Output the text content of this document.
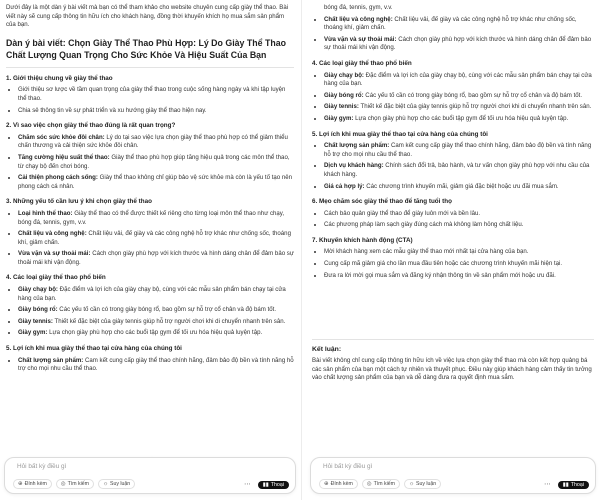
Dưới đây là một dàn ý bài viết mà bạn có thể tham khảo cho website chuyên cung cấp giày thể thao. Bài viết này sẽ cung cấp thông tin hữu ích cho khách hàng, đồng thời khuyến khích họ mua sắm sản phẩm của bạn.

Dàn ý bài viết: Chọn Giày Thể Thao Phù Hợp: Lý Do Giày Thể Thao Chất Lượng Quan Trọng Cho Sức Khỏe Và Hiệu Suất Của Bạn
1. Giới thiệu chung về giày thể thao
• Giới thiệu sơ lược về tầm quan trọng của giày thể thao trong cuộc sống hàng ngày và khi tập luyện thể thao.
• Chia sẻ thông tin về sự phát triển và xu hướng giày thể thao hiện nay.
2. Vì sao việc chọn giày thể thao đúng là rất quan trọng?
• Chăm sóc sức khỏe đôi chân: Lý do tại sao việc lựa chọn giày thể thao phù hợp có thể giảm thiểu chấn thương và cải thiện sức khỏe đôi chân.
• Tăng cường hiệu suất thể thao: Giày thể thao phù hợp giúp tăng hiệu quả trong các môn thể thao, từ chạy bộ đến chơi bóng.
• Cải thiện phong cách sống: Giày thể thao không chỉ giúp bảo vệ sức khỏe mà còn là yếu tố tạo nên phong cách cá nhân.
3. Những yếu tố cần lưu ý khi chọn giày thể thao
• Loại hình thể thao: Giày thể thao có thể được thiết kế riêng cho từng loại môn thể thao như chạy, bóng đá, tennis, gym, v.v.
• Chất liệu và công nghệ: Chất liệu vải, đế giày và các công nghệ hỗ trợ khác như chống sốc, thoáng khí, giảm chấn.
• Vừa vặn và sự thoải mái: Cách chọn giày phù hợp với kích thước và hình dáng chân để đảm bảo sự thoải mái khi vận động.
4. Các loại giày thể thao phổ biến
• Giày chạy bộ: Đặc điểm và lợi ích của giày chạy bộ, cùng với các mẫu sản phẩm bán chạy tại cửa hàng của bạn.
• Giày bóng rổ: Các yếu tố cần có trong giày bóng rổ, bao gồm sự hỗ trợ cổ chân và độ bám tốt.
• Giày tennis: Thiết kế đặc biệt của giày tennis giúp hỗ trợ người chơi khi di chuyển nhanh trên sân.
• Giày gym: Lựa chọn giày phù hợp cho các buổi tập gym để tối ưu hóa hiệu quả luyện tập.
5. Lợi ích khi mua giày thể thao tại cửa hàng của chúng tôi
• Chất lượng sản phẩm: Cam kết cung cấp giày thể thao chính hãng, đảm bảo độ bền và tính năng hỗ trợ cho mọi nhu cầu thể thao.
Hỏi bất kỳ điều gì
⊕ Đính kèm	◎ Tìm kiếm	☼ Suy luận	⋯ ▮▮ Thoại
bóng đá, tennis, gym, v.v.
• Chất liệu và công nghệ: Chất liệu vải, đế giày và các công nghệ hỗ trợ khác như chống sốc, thoáng khí, giảm chấn.
• Vừa vặn và sự thoải mái: Cách chọn giày phù hợp với kích thước và hình dáng chân để đảm bảo sự thoải mái khi vận động.
4. Các loại giày thể thao phổ biến
• Giày chạy bộ: Đặc điểm và lợi ích của giày chạy bộ, cùng với các mẫu sản phẩm bán chạy tại cửa hàng của bạn.
• Giày bóng rổ: Các yếu tố cần có trong giày bóng rổ, bao gồm sự hỗ trợ cổ chân và độ bám tốt.
• Giày tennis: Thiết kế đặc biệt của giày tennis giúp hỗ trợ người chơi khi di chuyển nhanh trên sân.
• Giày gym: Lựa chọn giày phù hợp cho các buổi tập gym để tối ưu hóa hiệu quả luyện tập.
5. Lợi ích khi mua giày thể thao tại cửa hàng của chúng tôi
• Chất lượng sản phẩm: Cam kết cung cấp giày thể thao chính hãng, đảm bảo độ bền và tính năng hỗ trợ cho mọi nhu cầu thể thao.
• Dịch vụ khách hàng: Chính sách đổi trả, bảo hành, và tư vấn chọn giày phù hợp với nhu cầu của khách hàng.
• Giá cả hợp lý: Các chương trình khuyến mãi, giảm giá đặc biệt hoặc ưu đãi mua sắm.
6. Mẹo chăm sóc giày thể thao để tăng tuổi thọ
• Cách bảo quản giày thể thao để giày luôn mới và bền lâu.
• Các phương pháp làm sạch giày đúng cách mà không làm hỏng chất liệu.
7. Khuyến khích hành động (CTA)
• Mời khách hàng xem các mẫu giày thể thao mới nhất tại cửa hàng của bạn.
• Cung cấp mã giảm giá cho lần mua đầu tiên hoặc các chương trình khuyến mãi hiện tại.
• Đưa ra lời mời gọi mua sắm và đăng ký nhận thông tin về sản phẩm mới hoặc ưu đãi.
Kết luận:

Bài viết không chỉ cung cấp thông tin hữu ích về việc lựa chọn giày thể thao mà còn kết hợp quảng bá các sản phẩm của bạn một cách tự nhiên và thuyết phục. Điều này giúp khách hàng cảm thấy tin tưởng vào chất lượng sản phẩm của bạn và dễ dàng đưa ra quyết định mua sắm.

Hỏi bất kỳ điều gì
⊕ Đính kèm	◎ Tìm kiếm	☼ Suy luận	⋯ ▮▮ Thoại
